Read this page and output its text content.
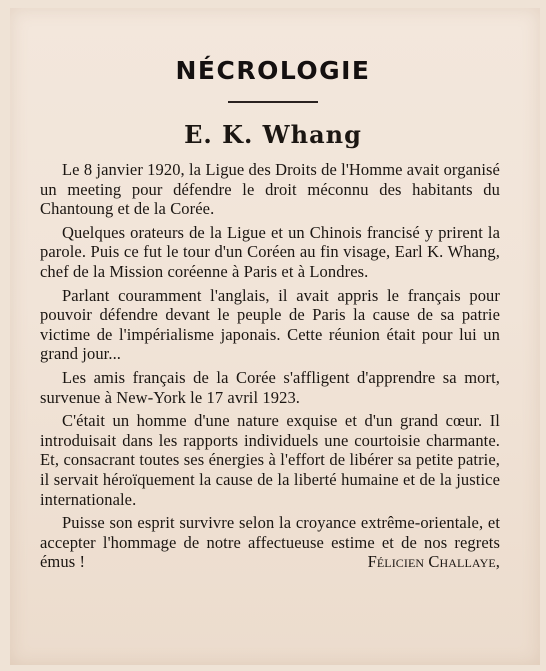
NÉCROLOGIE
E. K. Whang

Le 8 janvier 1920, la Ligue des Droits de l'Homme avait organisé un meeting pour défendre le droit méconnu des habitants du Chantoung et de la Corée.

Quelques orateurs de la Ligue et un Chinois francisé y prirent la parole. Puis ce fut le tour d'un Coréen au fin visage, Earl K. Whang, chef de la Mission coréenne à Paris et à Londres.

Parlant couramment l'anglais, il avait appris le français pour pouvoir défendre devant le peuple de Paris la cause de sa patrie victime de l'impérialisme japonais. Cette réunion était pour lui un grand jour...

Les amis français de la Corée s'affligent d'apprendre sa mort, survenue à New-York le 17 avril 1923.

C'était un homme d'une nature exquise et d'un grand cœur. Il introduisait dans les rapports individuels une courtoisie charmante. Et, consacrant toutes ses énergies à l'effort de libérer sa petite patrie, il servait héroïquement la cause de la liberté humaine et de la justice internationale.

Puisse son esprit survivre selon la croyance extrême-orientale, et accepter l'hommage de notre affectueuse estime et de nos regrets émus !	Félicien Challaye,
